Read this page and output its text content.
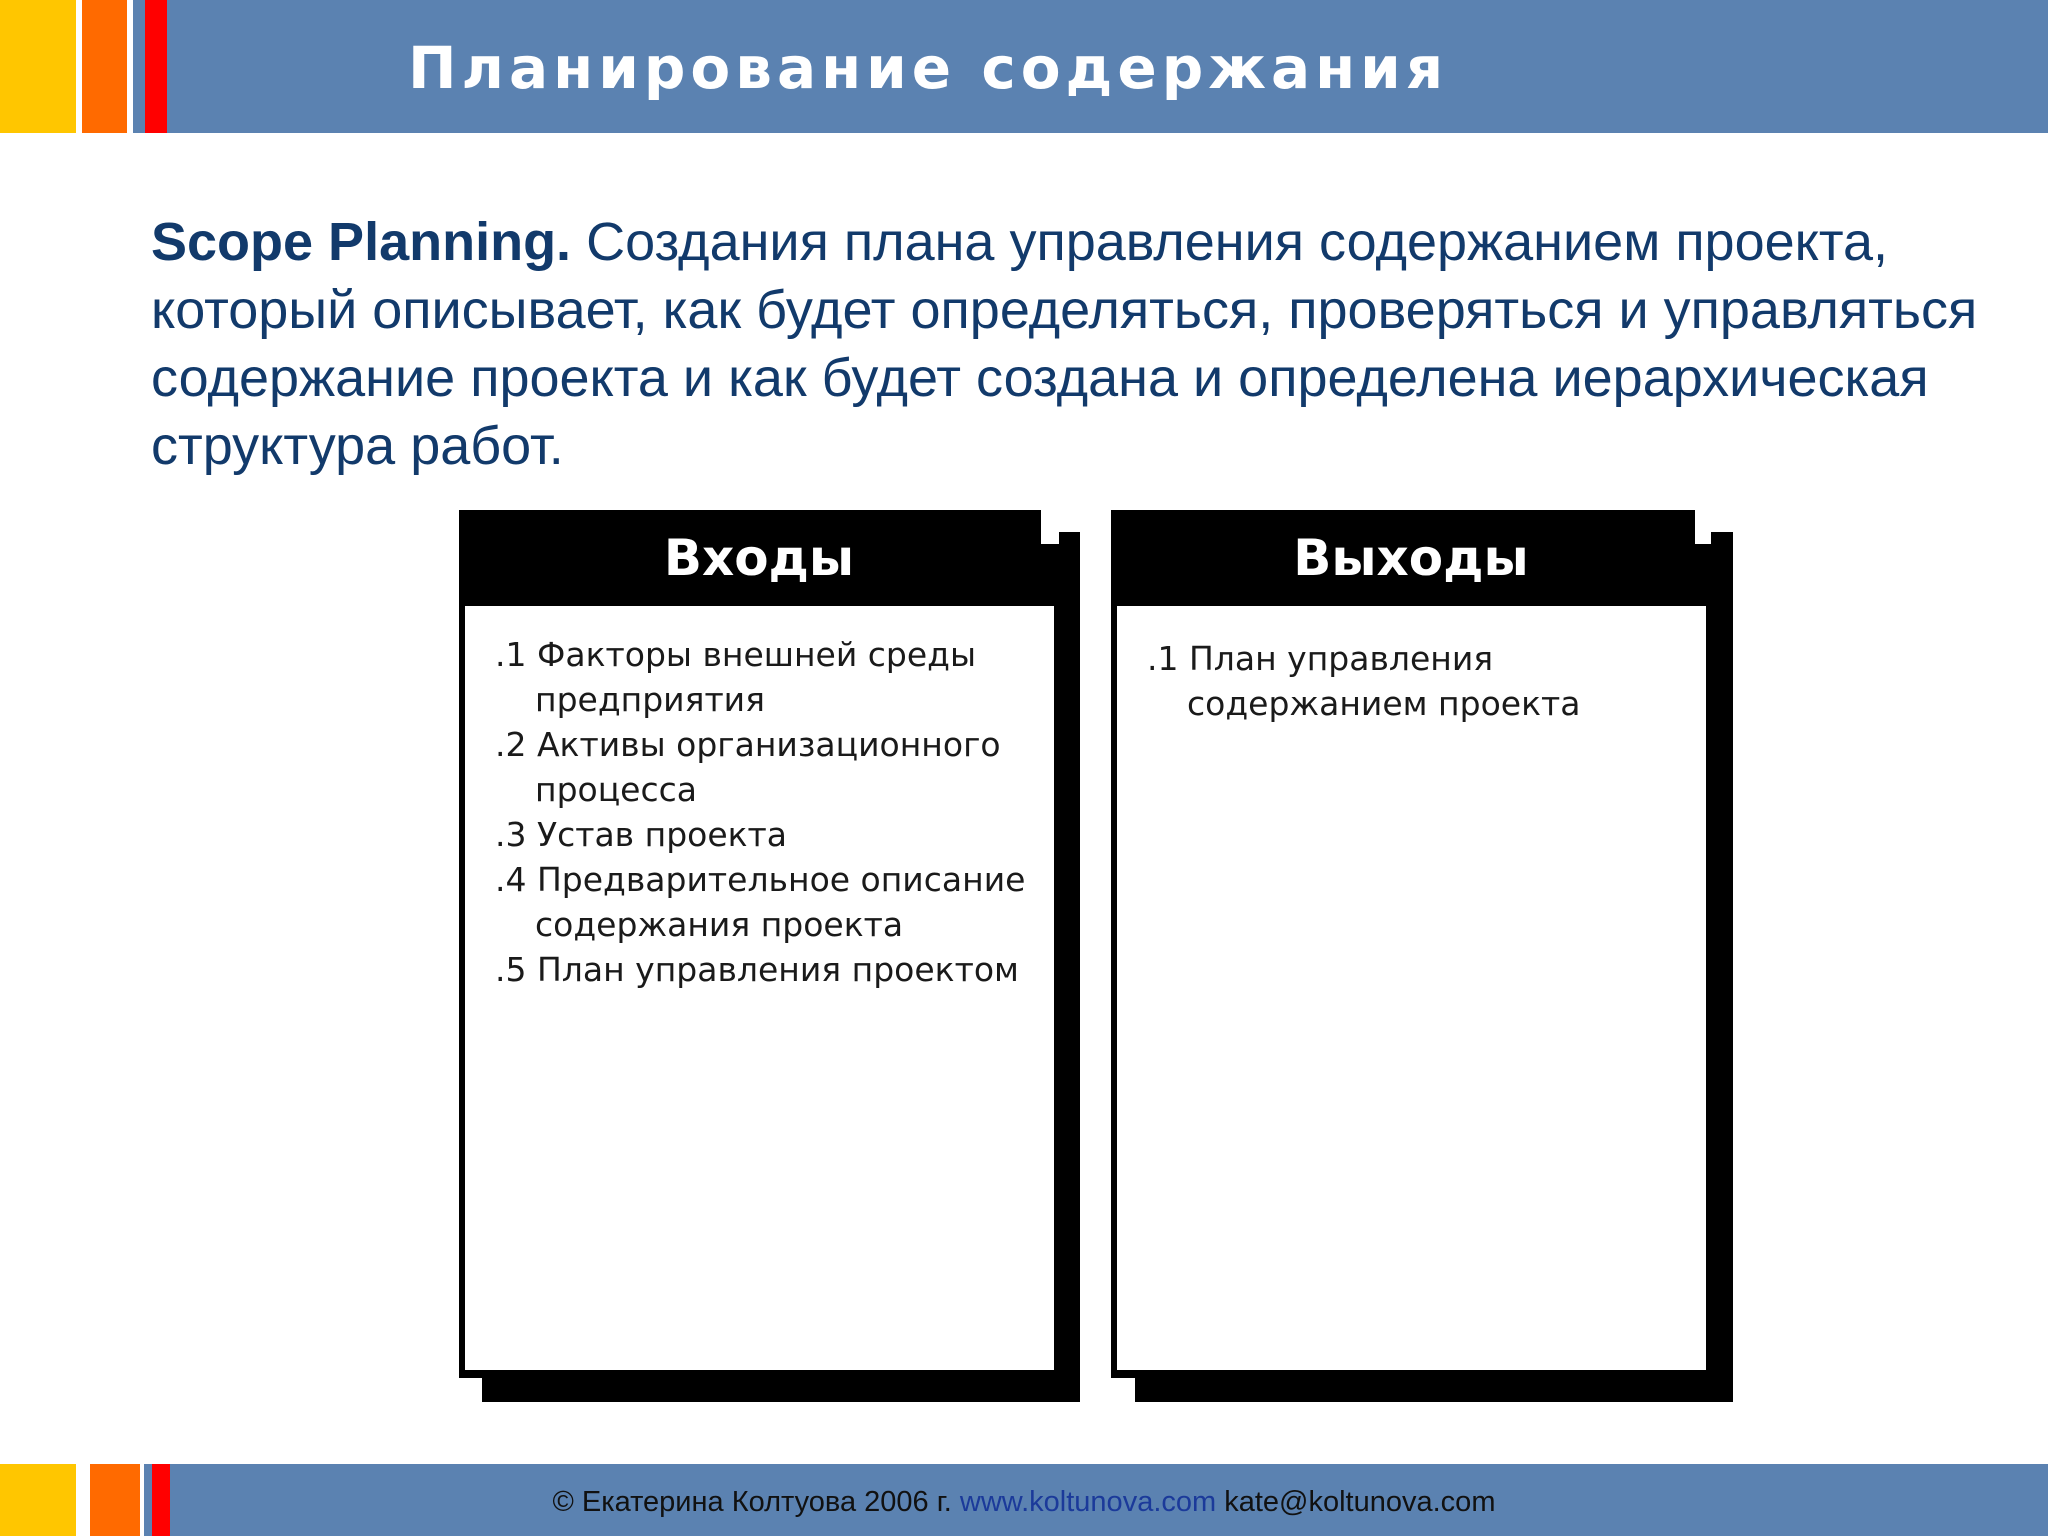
Планирование содержания
Scope Planning. Создания плана управления содержанием проекта, который описывает, как будет определяться, проверяться и управляться содержание проекта и как будет создана и определена иерархическая структура работ.
Входы
.1 Факторы внешней среды предприятия
.2 Активы организационного процесса
.3 Устав проекта
.4 Предварительное описание содержания проекта
.5 План управления проектом
Выходы
.1 План управления содержанием проекта
© Екатерина Колтуова 2006 г. www.koltunova.com kate@koltunova.com
